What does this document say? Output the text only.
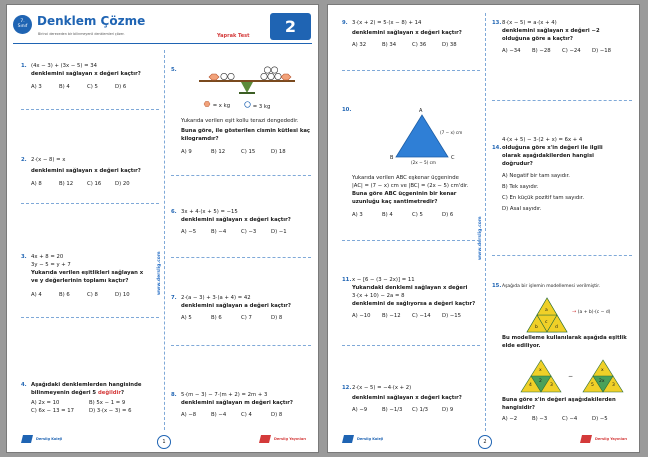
7.
Sınıf Denklem Çözme
Birinci dereceden bir bilinmeyenli denklemleri çözer.	Yaprak Test	2
www.derslig.com
1. (4x − 3) + (3x − 5) = 34
denklemini sağlayan x değeri kaçtır?
A) 3	B) 4	C) 5	D) 6
2. 2·(x − 8) = x
denklemini sağlayan x değeri kaçtır?
A) 8	B) 12	C) 16	D) 20
3. 4x + 8 = 20
3y − 5 = y + 7
Yukarıda verilen eşitlikleri sağlayan x ve y değerlerinin toplamı kaçtır?
A) 4	B) 6	C) 8	D) 10
4. Aşağıdaki denklemlerden hangisinde bilinmeyenin değeri 5 değildir?
A) 2x = 10	B) 5x − 1 = 9
C) 6x − 13 = 17	D) 3·(x − 3) = 6
5.
= x kg	= 3 kg
Yukarıda verilen eşit kollu terazi dengededir.
Buna göre, ile gösterilen cismin kütlesi kaç kilogramdır?
A) 9	B) 12	C) 15	D) 18
6. 3x + 4·(x + 5) = −15
denklemini sağlayan x değeri kaçtır?
A) −5	B) −4	C) −3	D) −1
7. 2·(a − 3) + 3·(a + 4) = 42
denklemini sağlayan a değeri kaçtır?
A) 5	B) 6	C) 7	D) 8
8. 5·(m − 3) − 7·(m + 2) = 2m + 3
denklemini sağlayan m değeri kaçtır?
A) −8	B) −4	C) 4	D) 8
Derslig Koleji	1	Derslig Yayınları
www.derslig.com
9. 3·(x + 2) = 5·(x − 8) + 14
denklemini sağlayan x değeri kaçtır?
A) 32	B) 34	C) 36	D) 38
10.	A
B	C
(7 − x) cm
(2x − 5) cm
Yukarıda verilen ABC eşkenar üçgeninde
|AC| = (7 − x) cm ve |BC| = (2x − 5) cm'dir.
Buna göre ABC üçgeninin bir kenar uzunluğu kaç santimetredir?
A) 3	B) 4	C) 5	D) 6
11.x − [6 − (3 − 2x)] = 11
Yukarıdaki denklemi sağlayan x değeri
3·(x + 10) − 2a = 8
denklemini de sağlıyorsa a değeri kaçtır?
A) −10	B) −12	C) −14	D) −15
12.2·(x − 5) = −4·(x + 2)
denklemini sağlayan x değeri kaçtır?
A) −9	B) −1/3	C) 1/3	D) 9
13.8·(x − 5) = a·(x + 4)
denklemini sağlayan x değeri −2 olduğuna göre a kaçtır?
A) −34	B) −28	C) −24	D) −18
4·(x + 5) − 3·(2 + x) = 6x + 4
14. olduğuna göre x'in değeri ile ilgili olarak aşağıdakilerden hangisi doğrudur?
A) Negatif bir tam sayıdır.
B) Tek sayıdır.
C) En küçük pozitif tam sayıdır.
D) Asal sayıdır.
15.Aşağıda bir işlemin modellemesi verilmiştir.
a
b
c
d
→ (a + b)·(c − d)
Bu modelleme kullanılarak aşağıda eşitlik elde ediliyor.
x
4
2
3
−
x
5
2x
3
Buna göre x'in değeri aşağıdakilerden hangisidir?
A) −2	B) −3	C) −4	D) −5
Derslig Koleji	2	Derslig Yayınları
